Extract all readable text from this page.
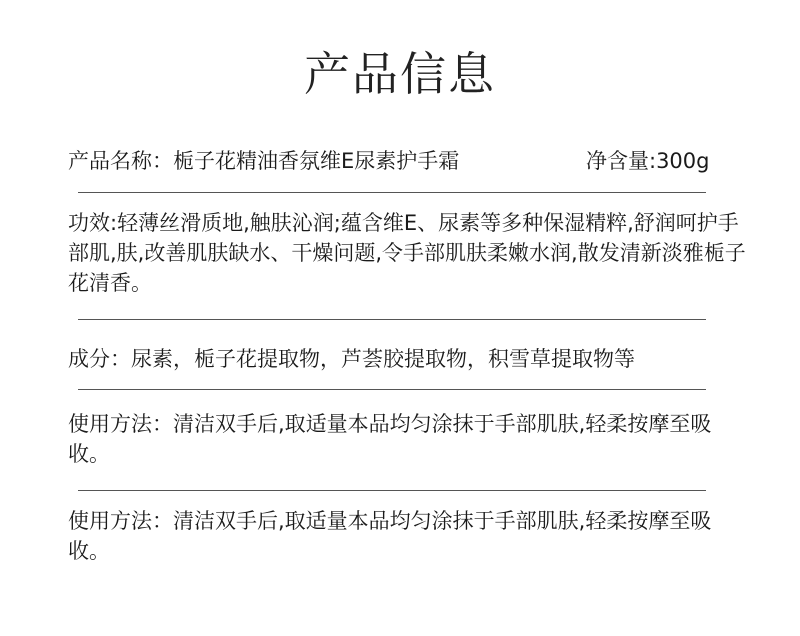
产品信息
产品名称：栀子花精油香氛维E尿素护手霜	净含量:300g
功效:轻薄丝滑质地,触肤沁润;蕴含维E、尿素等多种保湿精粹,舒润呵护手部肌,肤,改善肌肤缺水、干燥问题,令手部肌肤柔嫩水润,散发清新淡雅栀子花清香。
成分：尿素，栀子花提取物，芦荟胶提取物，积雪草提取物等
使用方法：清洁双手后,取适量本品均匀涂抹于手部肌肤,轻柔按摩至吸收。
使用方法：清洁双手后,取适量本品均匀涂抹于手部肌肤,轻柔按摩至吸收。
